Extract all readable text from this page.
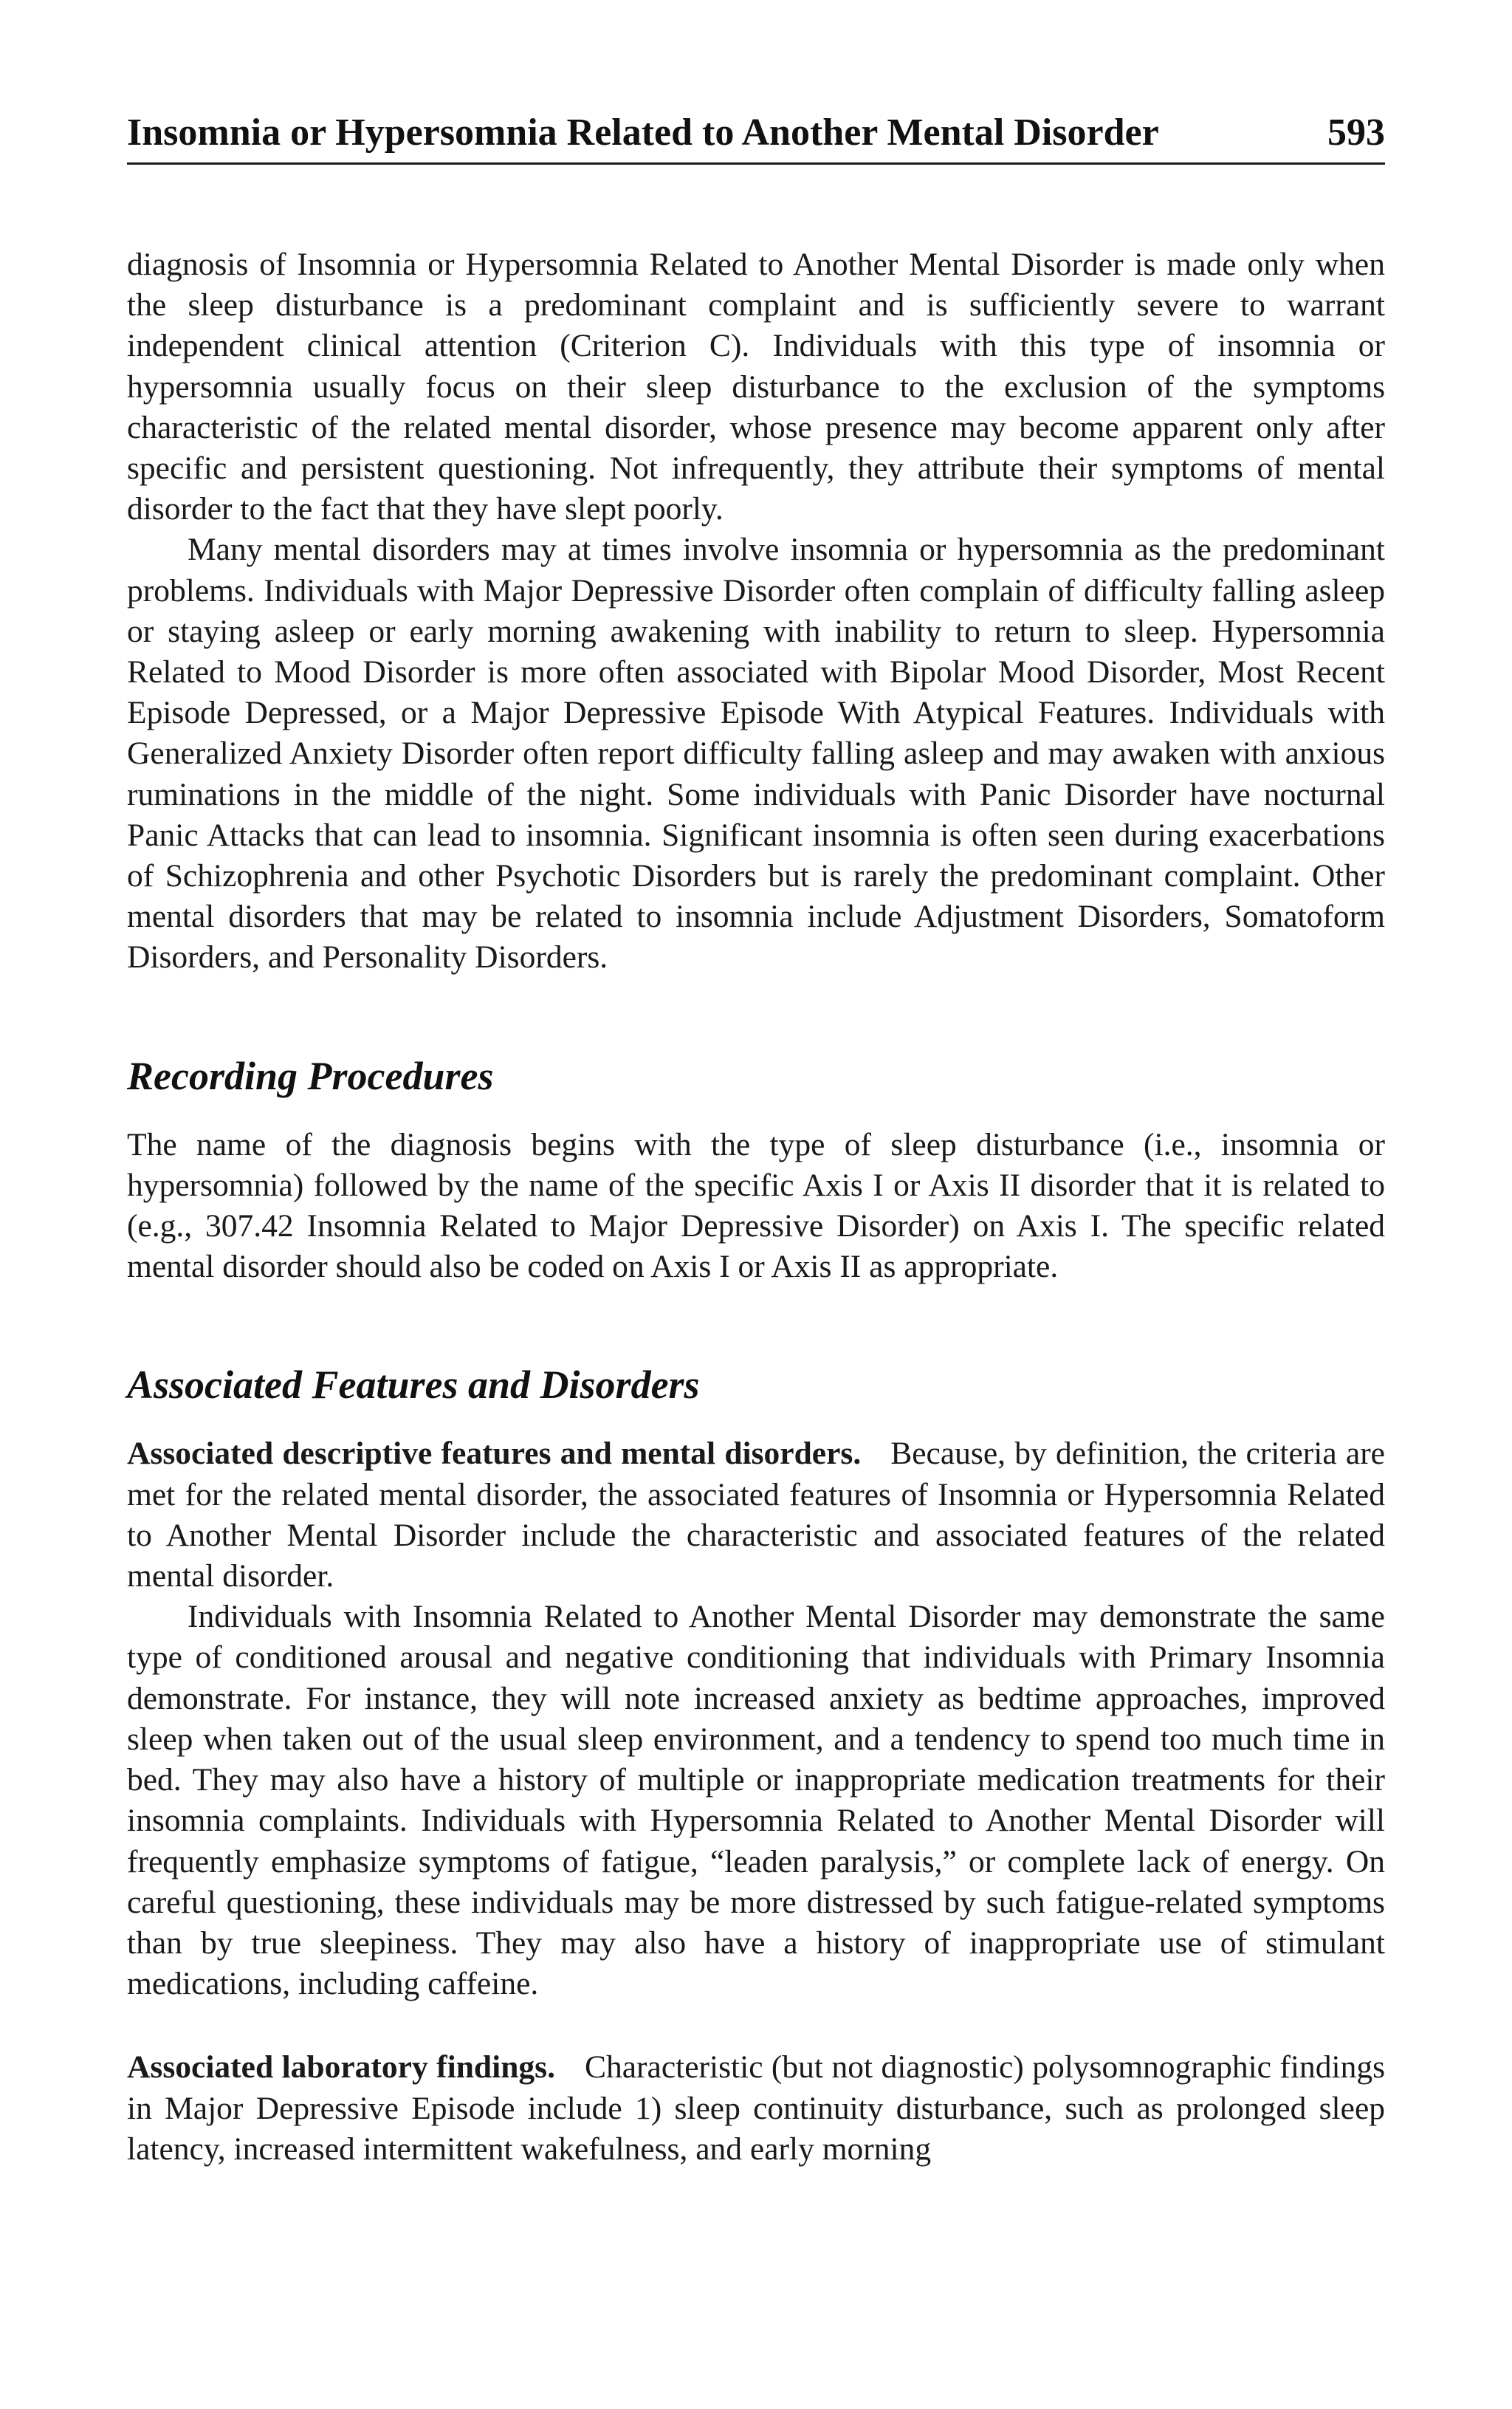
Insomnia or Hypersomnia Related to Another Mental Disorder	593

diagnosis of Insomnia or Hypersomnia Related to Another Mental Disorder is made only when the sleep disturbance is a predominant complaint and is sufficiently severe to warrant independent clinical attention (Criterion C). Individuals with this type of insomnia or hypersomnia usually focus on their sleep disturbance to the exclusion of the symptoms characteristic of the related mental disorder, whose presence may become apparent only after specific and persistent questioning. Not infrequently, they attribute their symptoms of mental disorder to the fact that they have slept poorly.

Many mental disorders may at times involve insomnia or hypersomnia as the predominant problems. Individuals with Major Depressive Disorder often complain of difficulty falling asleep or staying asleep or early morning awakening with inability to return to sleep. Hypersomnia Related to Mood Disorder is more often associated with Bipolar Mood Disorder, Most Recent Episode Depressed, or a Major Depressive Episode With Atypical Features. Individuals with Generalized Anxiety Disorder often report difficulty falling asleep and may awaken with anxious ruminations in the middle of the night. Some individuals with Panic Disorder have nocturnal Panic Attacks that can lead to insomnia. Significant insomnia is often seen during exacerbations of Schizophrenia and other Psychotic Disorders but is rarely the predominant complaint. Other mental disorders that may be related to insomnia include Adjustment Disorders, Somatoform Disorders, and Personality Disorders.

Recording Procedures

The name of the diagnosis begins with the type of sleep disturbance (i.e., insomnia or hypersomnia) followed by the name of the specific Axis I or Axis II disorder that it is related to (e.g., 307.42 Insomnia Related to Major Depressive Disorder) on Axis I. The specific related mental disorder should also be coded on Axis I or Axis II as appropriate.

Associated Features and Disorders

Associated descriptive features and mental disorders. Because, by definition, the criteria are met for the related mental disorder, the associated features of Insomnia or Hypersomnia Related to Another Mental Disorder include the characteristic and associated features of the related mental disorder.

Individuals with Insomnia Related to Another Mental Disorder may demonstrate the same type of conditioned arousal and negative conditioning that individuals with Primary Insomnia demonstrate. For instance, they will note increased anxiety as bedtime approaches, improved sleep when taken out of the usual sleep environment, and a tendency to spend too much time in bed. They may also have a history of multiple or inappropriate medication treatments for their insomnia complaints. Individuals with Hypersomnia Related to Another Mental Disorder will frequently emphasize symptoms of fatigue, “leaden paralysis,” or complete lack of energy. On careful questioning, these individuals may be more distressed by such fatigue-related symptoms than by true sleepiness. They may also have a history of inappropriate use of stimulant medications, including caffeine.

Associated laboratory findings. Characteristic (but not diagnostic) polysomnographic findings in Major Depressive Episode include 1) sleep continuity disturbance, such as prolonged sleep latency, increased intermittent wakefulness, and early morning
